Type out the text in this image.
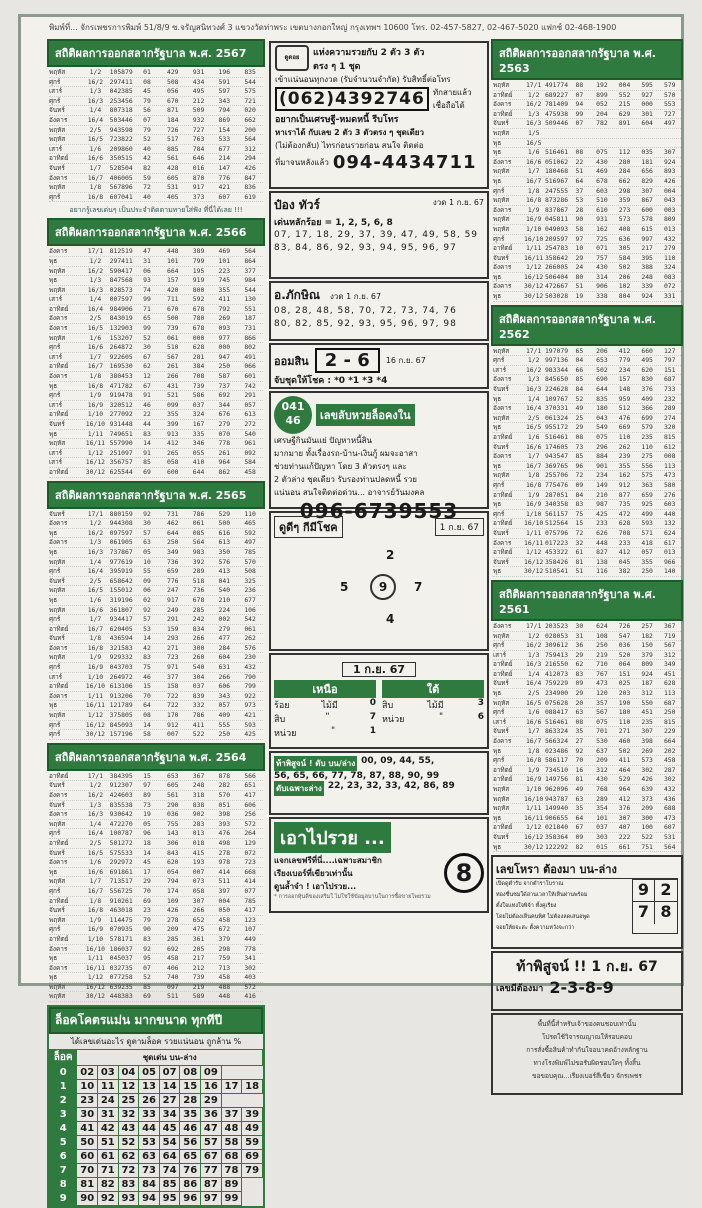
พิมพ์ที่... จักรเพชรการพิมพ์ 51/8/9 ซ.จรัญสนิทวงศ์ 3 แขวงวัดท่าพระ เขตบางกอกใหญ่ กรุงเทพฯ 10600 โทร. 02-457-5827, 02-467-5020 แฟกซ์ 02-468-1900
สถิติผลการออกสลากรัฐบาล พ.ศ. 2567
พฤหัส	1/2	105879	01	429	931	196	835
ศุกร์	16/2	297411	08	508	434	591	544
เสาร์	1/3	042385	45	056	495	597	575
ศุกร์	16/3	253456	79	670	212	343	721
จันทร์	1/4	807318	56	871	509	794	020
อังคาร	16/4	503446	07	184	932	869	662
พฤหัส	2/5	943598	79	726	727	154	200
พฤหัส	16/5	723822	52	517	763	533	564
เสาร์	1/6	209860	40	885	784	677	312
อาทิตย์	16/6	350515	42	561	646	214	294
จันทร์	1/7	528504	82	428	016	147	426
อังคาร	16/7	406005	59	605	870	776	847
พฤหัส	1/8	567896	72	531	917	421	836
ศุกร์	16/8	607041	40	405	373	607	619
อยากรู้เลขเด่นๆ เป็นประจำติดตามทายใส่ฟัง ที่นี่ได้เลย !!!
สถิติผลการออกสลากรัฐบาล พ.ศ. 2566
อังคาร	17/1	812519	47	448	389	469	564
พุธ	1/2	297411	31	101	799	101	864
พฤหัส	16/2	590417	06	664	195	223	377
พุธ	1/3	847568	93	157	919	745	984
พฤหัส	16/3	028573	74	420	800	355	544
เสาร์	1/4	007597	99	711	592	411	130
อาทิตย์	16/4	984906	71	670	678	792	551
อังคาร	2/5	843019	65	500	780	269	187
อังคาร	16/5	132903	99	739	678	093	731
พฤหัส	1/6	153207	52	061	000	977	866
ศุกร์	16/6	264872	30	510	628	000	802
เสาร์	1/7	922605	67	567	281	947	491
อาทิตย์	16/7	169530	62	261	384	250	066
อังคาร	1/8	380453	12	266	708	587	601
พุธ	16/8	471782	67	431	739	737	742
ศุกร์	1/9	919478	91	521	586	692	291
เสาร์	16/9	320512	46	099	037	344	057
อาทิตย์	1/10	277092	22	355	324	676	613
จันทร์	16/10 931448	44	399	167	279	272
พุธ	1/11	749651	83	913	335	070	540
พฤหัส	16/11 557990	14	412	346	778	961
เสาร์	1/12	251097	91	265	055	261	092
เสาร์	16/12 356757	85	058	410	964	584
อาทิตย์	30/12 625544	69	600	644	862	458
สถิติผลการออกสลากรัฐบาล พ.ศ. 2565
จันทร์	17/1	880159	92	731	786	529	110
อังคาร	1/2	944308	30	462	061	500	465
พุธ	16/2	097597	57	644	085	616	592
อังคาร	1/3	061905	63	250	564	613	497
พุธ	16/3	737867	05	349	983	350	785
พฤหัส	1/4	977619	10	736	392	576	570
ศุกร์	16/4	395919	55	659	289	413	508
จันทร์	2/5	658642	09	776	518	041	325
พฤหัส	16/5	155012	06	247	736	540	236
พุธ	1/6	319196	02	917	678	210	677
พฤหัส	16/6	361807	92	249	285	224	106
ศุกร์	1/7	934417	57	291	242	002	542
อาทิตย์	16/7	620405	53	159	834	279	061
จันทร์	1/8	436594	14	293	266	477	262
อังคาร	16/8	321583	42	271	300	284	576
พฤหัส	1/9	929332	83	723	260	604	230
ศุกร์	16/9	043703	75	971	540	631	432
เสาร์	1/10	264972	46	377	304	266	790
อาทิตย์	16/10 613106	15	158	037	606	799
อังคาร	1/11	913206	70	722	839	343	922
พุธ	16/11 121789	64	722	332	057	973
พฤหัส	1/12	375805	08	170	786	409	421
ศุกร์	16/12 845093	14	912	411	555	593
ศุกร์	30/12 157196	58	007	522	250	425
สถิติผลการออกสลากรัฐบาล พ.ศ. 2564
อาทิตย์	17/1	384395	15	653	367	878	566
จันทร์	1/2	912307	97	605	248	282	651
อังคาร	16/2	424603	89	561	318	570	417
จันทร์	1/3	835538	73	290	838	051	606
อังคาร	16/3	930642	19	036	902	398	256
พฤหัส	1/4	472270	05	755	283	393	572
ศุกร์	16/4	100787	96	143	013	476	264
อาทิตย์	2/5	501272	18	306	018	498	129
จันทร์	16/5	575533	14	843	415	278	072
อังคาร	1/6	292972	45	620	193	978	723
พุธ	16/6	691861	17	054	007	414	668
พฤหัส	1/7	713517	29	794	073	511	414
ศุกร์	16/7	556725	70	174	058	397	077
อาทิตย์	1/8	910261	69	109	307	004	785
จันทร์	16/8	463018	23	426	266	050	417
พฤหัส	1/9	114475	79	278	652	458	123
ศุกร์	16/9	070935	90	209	475	672	107
อาทิตย์	1/10	578171	83	285	361	379	449
อังคาร	16/10 186037	92	692	205	298	778
พุธ	1/11	045037	95	458	217	759	341
อังคาร	16/11 032735	07	406	212	713	302
พุธ	1/12	077258	52	740	739	458	403
พฤหัส	16/12 639235	85	097	219	488	572
พฤหัส	30/12 448383	69	511	589	448	416
ล็อคโคตรแม่น มากขนาด ทุกทีปี
ได้เลขเด่นอะไร ดูตามล็อค รวยแน่นอน ถูกล้าน %
ล็อค	ชุดเด่น บน-ล่าง								
0	02	03	04	05	07	08	09		
1	10	11	12	13	14	15	16	17	18
2	23	24	25	26	27	28	29		
3	30	31	32	33	34	35	36	37	39
4	41	42	43	44	45	46	47	48	49
5	50	51	52	53	54	56	57	58	59
6	60	61	62	63	64	65	67	68	69
7	70	71	72	73	74	76	77	78	79
8	81	82	83	84	85	86	87	89	
9	90	92	93	94	95	96	97	99	
ดูดอย	แห่งความรวยกับ 2 ตัว 3 ตัว
ตรง ๆ 1 ชุด
เข้าแน่นอนทุกงวด (รับจำนวนจำกัด) รับสิทธิ์ต่อโทร
(062)4392746	ทักสายแล้วเชื่อถือได้
อยากเป็นเศรษฐี-หมดหนี้ รีบโทร
หาเราได้ กับเลข 2 ตัว 3 ตัวตรง ๆ ชุดเดียว
(ไม่ต้องกลับ) ไทรก่อนรวยก่อน สนใจ ติดต่อ
ที่มาจนหลังแล้ว 094-4434711
ป๋อง ทัวร์	งวด 1 ก.ย. 67
เด่นหลักร้อย = 1, 2, 5, 6, 8
07, 17, 18, 29, 37, 39, 47, 49, 58, 59
83, 84, 86, 92, 93, 94, 95, 96, 97
อ.ภักษิณ งวด 1 ก.ย. 67
08, 28, 48, 58, 70, 72, 73, 74, 76
80, 82, 85, 92, 93, 95, 96, 97, 98
ออมสิน 2 - 6	16 ก.ย. 67
จับชุดให้โชค : *0 *1 *3 *4
041
46	เลขลับหวยล็อคงใน
เศรษฐีกินมันแย่ ปัญหาหนี้สิน
มากมาย ทั้งเรื่องรถ-บ้าน-เงินกู้ ผมจะอาสา
ช่วยท่านแก้ปัญหา โดย 3 ตัวตรงๆ และ
2 ตัวล่าง ชุดเดียว รับรองท่านปลดหนี้ รวย
แน่นอน สนใจติดต่อด่วน... อาจารย์วันมงคล
096-6739553
ดูดีๆ กีมีโชค	1 ก.ย. 67
2
5	9	7
4
1 ก.ย. 67
เหนือ
ร้อย	ไม้มี	0
สิบ	"	7
หน่วย	"	1
ใต้
สิบ	ไม้มี	3
หน่วย	"	6
ท้าพิสูจน์ ! ดับ บน/ล่าง 00, 09, 44, 55,
56, 65, 66, 77, 78, 87, 88, 90, 99
ดับเฉพาะล่าง 22, 23, 32, 33, 42, 86, 89
เอาไปรวย ...
แจกเลขฟรีที่นี่....เฉพาะสมาชิก
เรียงเบอร์ที่เขียวเท่านั้น
ดูนล้ำจำ ! เอาไปรวย...	8
* การออกหุ้นดีของเสริมใ ไม่ใช่ใช้ข้อมูลบานในการซื้อขายโพยรวม
สถิติผลการออกสลากรัฐบาล พ.ศ. 2563
พฤหัส	17/1 491774	88	192	004	595	579
อาทิตย์	1/2 689227	07	899	552	927	570
อังคาร	16/2 781409	94	052	215	000	553
อาทิตย์	1/3 475938	99	204	629	301	727
จันทร์	16/3 509446	07	782	891	604	497
พฤหัส	1/5
พุธ	16/5
พุธ	1/6 516461	08	075	112	035	307
อังคาร	16/6 051062	22	430	280	181	924
พฤหัส	1/7 180468	51	469	284	656	893
พุธ	16/7 516967	64	678	662	829	426
ศุกร์	1/8 247555	37	603	298	307	004
พฤหัส	16/8 873286	53	510	359	867	043
อังคาร	1/9 837867	28	610	273	600	003
พฤหัส	16/9 045811	90	931	573	578	809
พฤหัส	1/10 049093	58	162	408	615	013
ศุกร์	16/10 209597	97	725	636	997	432
อาทิตย์	1/11 254783	10	071	305	217	279
จันทร์	16/11 358642	29	757	584	395	110
อังคาร	1/12 266005	24	430	502	388	324
พุธ	16/12 506404	80	314	206	248	083
อังคาร	30/12 472667	51	906	102	339	072
พุธ	30/12 503028	19	338	804	924	331
สถิติผลการออกสลากรัฐบาล พ.ศ. 2562
พฤหัส	17/1 197079	65	206	412	660	127
ศุกร์	1/2 997136	04	653	779	495	797
เสาร์	16/2 983344	66	502	234	620	151
อังคาร	1/3 845650	85	690	157	830	687
จันทร์	16/3 224628	84	644	148	376	733
พุธ	1/4 109767	52	835	959	409	232
อังคาร	16/4 370331	49	180	512	366	289
พฤหัส	2/5 061324	25	043	476	699	274
พุธ	16/5 955172	29	549	669	579	320
อาทิตย์	1/6 516461	08	075	110	235	815
จันทร์	16/6 174605	73	296	262	110	612
อังคาร	1/7 943547	85	884	239	275	008
พุธ	16/7 369765	96	901	355	556	113
พฤหัส	1/8 255706	72	234	162	575	473
ศุกร์	16/8 775476	09	149	912	363	580
อาทิตย์	1/9 287051	84	210	877	659	276
พุธ	16/9 340358	83	987	735	925	603
ศุกร์	1/10 561157	75	425	472	499	440
อาทิตย์	16/10 512564	15	233	628	593	132
จันทร์	1/11 075796	72	626	708	571	624
อังคาร	16/11 017223	32	448	233	418	617
อาทิตย์	1/12 453322	61	827	412	057	013
จันทร์	16/12 358426	81	138	045	355	966
พุธ	30/12 510541	51	116	382	250	140
สถิติผลการออกสลากรัฐบาล พ.ศ. 2561
อังคาร	17/1 203523	30	624	726	257	367
พฤหัส	1/2 028053	31	108	547	182	719
ศุกร์	16/2 309612	36	250	036	150	567
เสาร์	1/3 759413	29	219	520	379	312
อาทิตย์	16/3 216550	62	710	064	809	349
อาทิตย์	1/4 412073	83	767	151	924	451
จันทร์	16/4 759229	09	473	025	187	628
พุธ	2/5 234900	29	120	203	312	113
พฤหัส	16/5 075628	20	357	190	550	687
ศุกร์	1/6 088417	63	567	180	451	250
เสาร์	16/6 516461	08	075	110	235	815
จันทร์	1/7 863324	35	701	271	307	229
อังคาร	16/7 566324	27	530	460	398	664
พุธ	1/8 023486	92	637	502	269	202
ศุกร์	16/8 586117	70	209	411	573	458
อาทิตย์	1/9 734510	16	312	464	302	287
อาทิตย์	16/9 149756	81	430	529	426	302
พฤหัส	1/10 962096	49	768	964	639	432
พฤหัส	16/10 943787	63	289	412	373	436
พฤหัส	1/11 149940	35	354	376	209	688
พุธ	16/11 906655	64	101	307	300	473
อาทิตย์	1/12 021840	67	037	407	100	607
จันทร์	16/12 358364	09	303	222	522	531
พุธ	30/12 122292	82	015	661	751	564
เลขโหรา ต้องมา บน-ล่าง
เปิดดูตำรับ จากตำราโบราณ
ท่องชื่นชมใด้อ่านเวลาให้เห็นผ่านพร้อม
ตั้งใจแทงใจพิจ้า ทั้งคู่เรียง
โดยไม่ต้องเห็นคนพิศ ไม่ต้องลดเสนอพูด
จอยให้ยจะสะ ตั้งความหวังจะกว่า
9 2
7 8
ท้าพิสูจน์ !! 1 ก.ย. 67
เลขมีต้องมา 2-3-8-9
พื้นที่นี้สำหรับเจ้าของคนชอบเท่านั้น
โปรดใช้วิจารณญาณให้รอบคอบ
การสั่งซื้อสินค้าทำกันใจอนาคตอ้างหลักฐาน
ทางโรงพิมพ์ไม่ขอรับผิดชอบใดๆ ทั้งสิ้น
ขอขอบคุณ...เรียงเบอร์สีเขียว จักรเพชร
